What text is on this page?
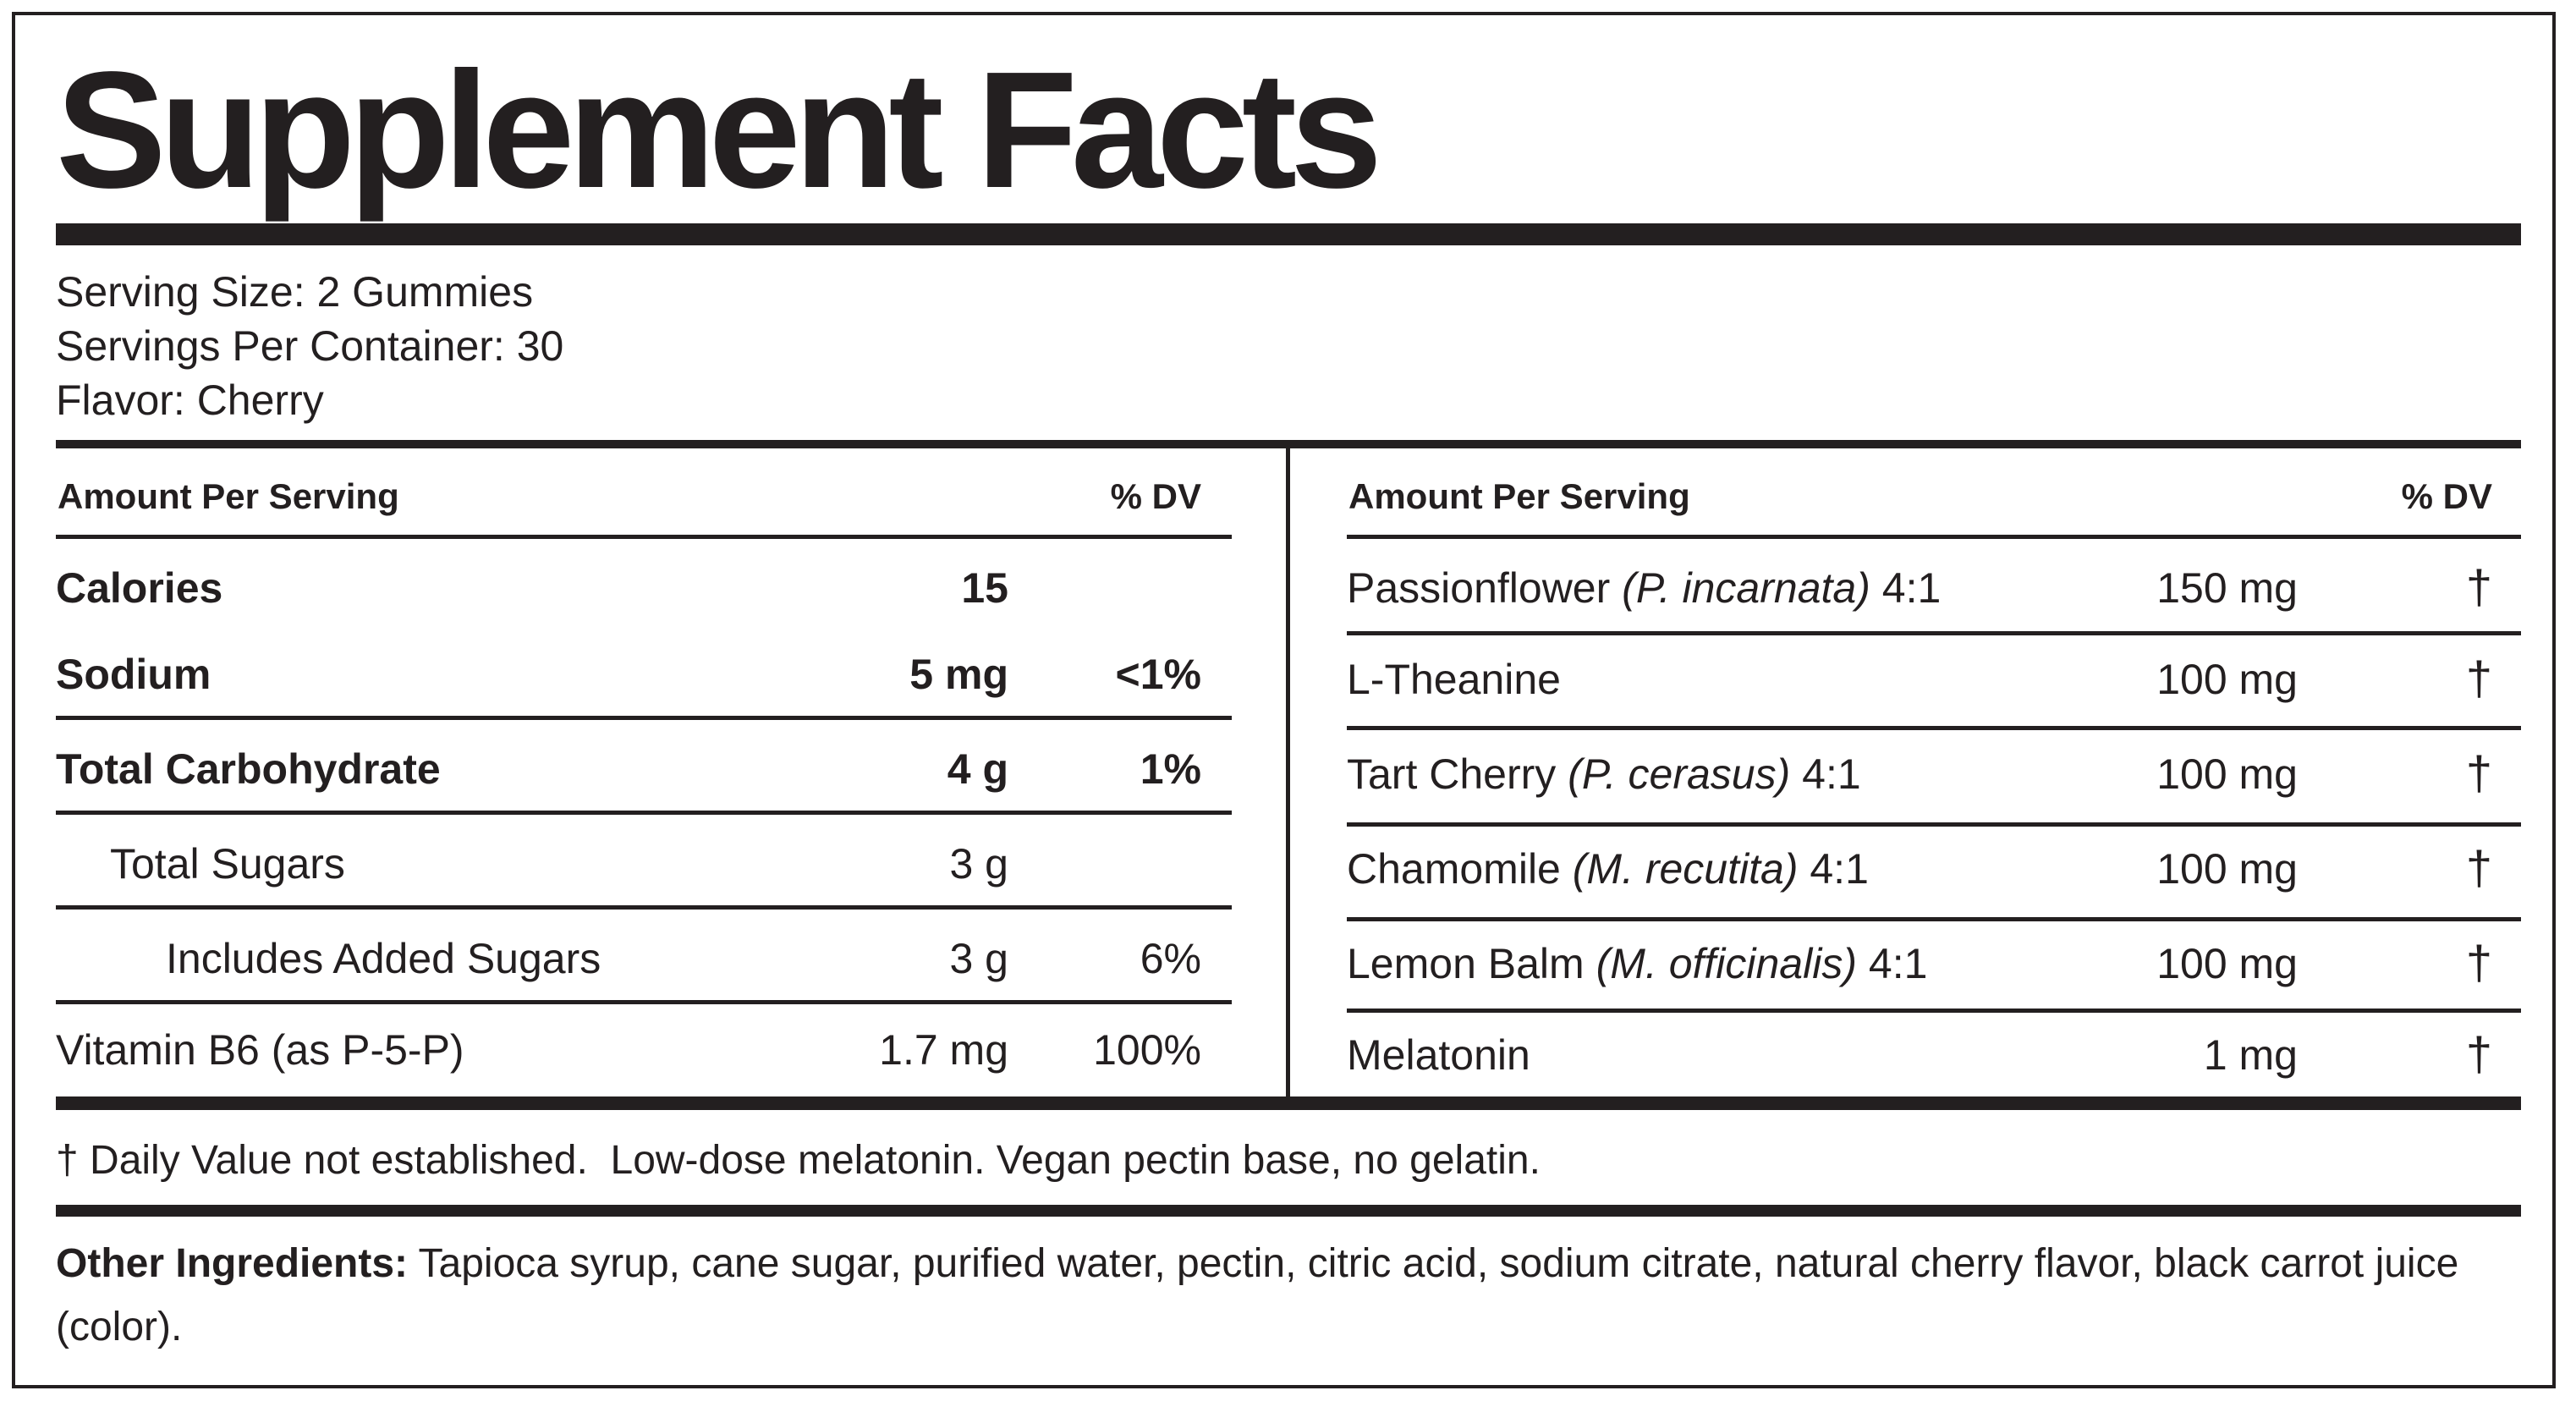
Supplement Facts
Serving Size: 2 Gummies
Servings Per Container: 30
Flavor: Cherry
Amount Per Serving	% DV
Calories	15
Sodium	5 mg	<1%
Total Carbohydrate	4 g	1%
Total Sugars	3 g
Includes Added Sugars	3 g	6%
Vitamin B6 (as P-5-P)	1.7 mg	100%
Amount Per Serving	% DV
Passionflower (P. incarnata) 4:1	150 mg	†
L-Theanine	100 mg	†
Tart Cherry (P. cerasus) 4:1	100 mg	†
Chamomile (M. recutita) 4:1	100 mg	†
Lemon Balm (M. officinalis) 4:1	100 mg	†
Melatonin	1 mg	†
† Daily Value not established.  Low-dose melatonin. Vegan pectin base, no gelatin.
Other Ingredients: Tapioca syrup, cane sugar, purified water, pectin, citric acid, sodium citrate, natural cherry flavor, black carrot juice (color).
